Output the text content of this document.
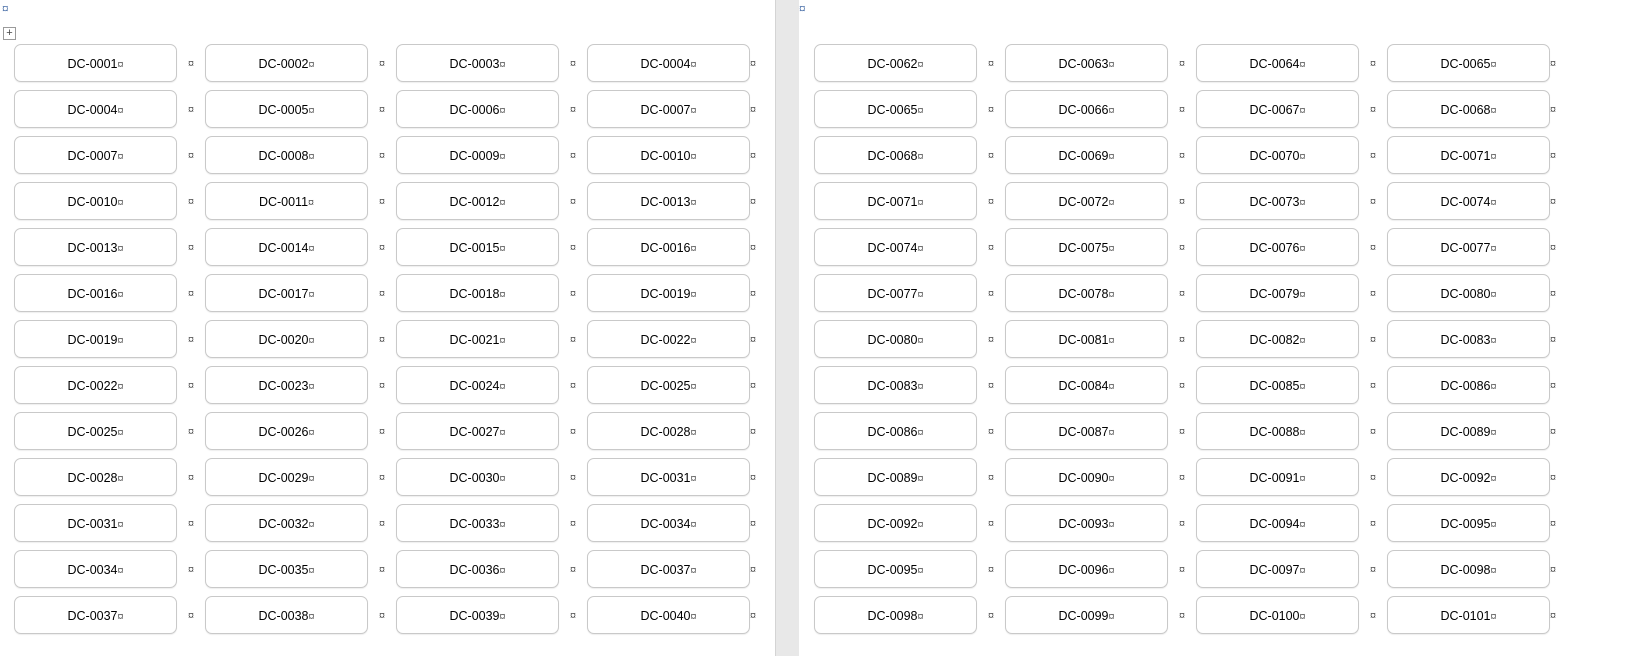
¤
+
DC-0001¤	¤	DC-0002¤	¤	DC-0003¤	¤	DC-0004¤	¤

DC-0004¤	¤	DC-0005¤	¤	DC-0006¤	¤	DC-0007¤	¤

DC-0007¤	¤	DC-0008¤	¤	DC-0009¤	¤	DC-0010¤	¤

DC-0010¤	¤	DC-0011¤	¤	DC-0012¤	¤	DC-0013¤	¤

DC-0013¤	¤	DC-0014¤	¤	DC-0015¤	¤	DC-0016¤	¤

DC-0016¤	¤	DC-0017¤	¤	DC-0018¤	¤	DC-0019¤	¤

DC-0019¤	¤	DC-0020¤	¤	DC-0021¤	¤	DC-0022¤	¤

DC-0022¤	¤	DC-0023¤	¤	DC-0024¤	¤	DC-0025¤	¤

DC-0025¤	¤	DC-0026¤	¤	DC-0027¤	¤	DC-0028¤	¤

DC-0028¤	¤	DC-0029¤	¤	DC-0030¤	¤	DC-0031¤	¤

DC-0031¤	¤	DC-0032¤	¤	DC-0033¤	¤	DC-0034¤	¤

DC-0034¤	¤	DC-0035¤	¤	DC-0036¤	¤	DC-0037¤	¤

DC-0037¤	¤	DC-0038¤	¤	DC-0039¤	¤	DC-0040¤	¤

¤
DC-0062¤	¤	DC-0063¤	¤	DC-0064¤	¤	DC-0065¤	¤

DC-0065¤	¤	DC-0066¤	¤	DC-0067¤	¤	DC-0068¤	¤

DC-0068¤	¤	DC-0069¤	¤	DC-0070¤	¤	DC-0071¤	¤

DC-0071¤	¤	DC-0072¤	¤	DC-0073¤	¤	DC-0074¤	¤

DC-0074¤	¤	DC-0075¤	¤	DC-0076¤	¤	DC-0077¤	¤

DC-0077¤	¤	DC-0078¤	¤	DC-0079¤	¤	DC-0080¤	¤

DC-0080¤	¤	DC-0081¤	¤	DC-0082¤	¤	DC-0083¤	¤

DC-0083¤	¤	DC-0084¤	¤	DC-0085¤	¤	DC-0086¤	¤

DC-0086¤	¤	DC-0087¤	¤	DC-0088¤	¤	DC-0089¤	¤

DC-0089¤	¤	DC-0090¤	¤	DC-0091¤	¤	DC-0092¤	¤

DC-0092¤	¤	DC-0093¤	¤	DC-0094¤	¤	DC-0095¤	¤

DC-0095¤	¤	DC-0096¤	¤	DC-0097¤	¤	DC-0098¤	¤

DC-0098¤	¤	DC-0099¤	¤	DC-0100¤	¤	DC-0101¤	¤
